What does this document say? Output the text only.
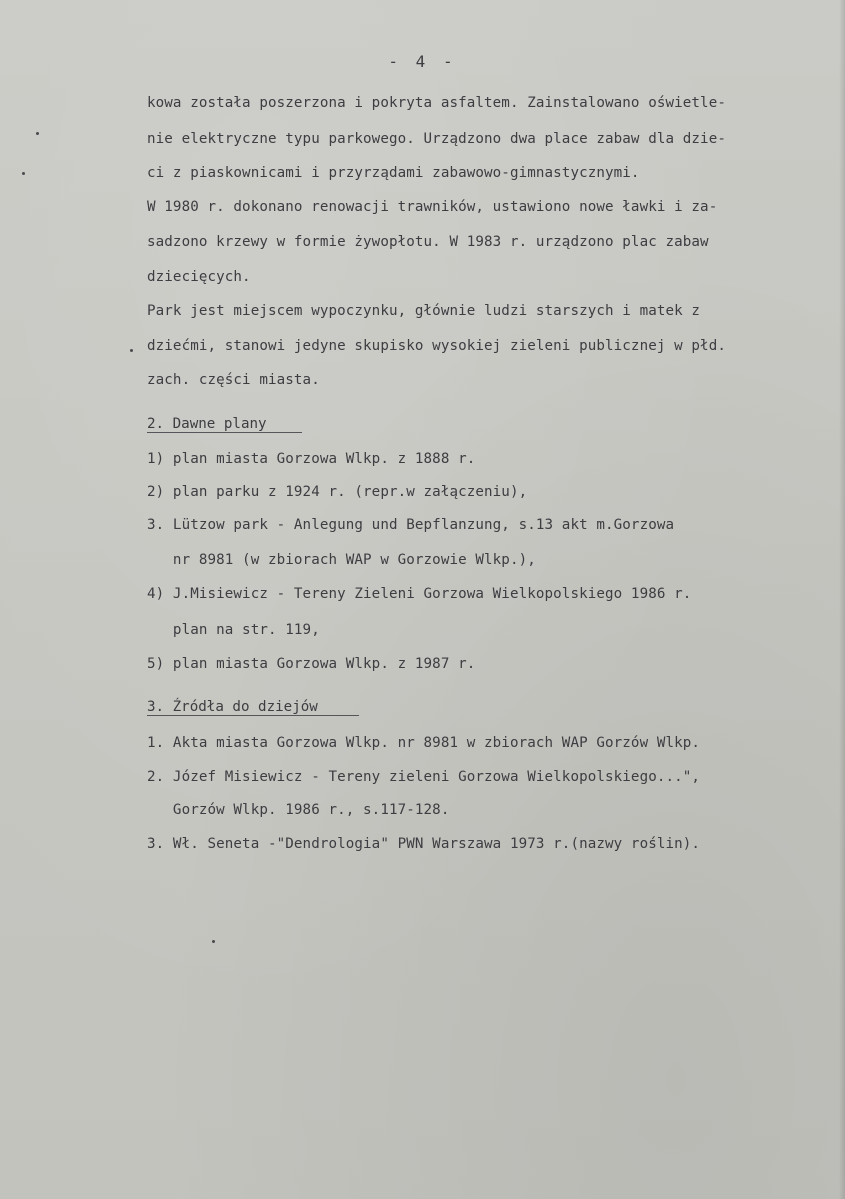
- 4 -
kowa została poszerzona i pokryta asfaltem. Zainstalowano oświetle-
nie elektryczne typu parkowego. Urządzono dwa place zabaw dla dzie-
ci z piaskownicami i przyrządami zabawowo-gimnastycznymi.
W 1980 r. dokonano renowacji trawników, ustawiono nowe ławki i za-
sadzono krzewy w formie żywopłotu. W 1983 r. urządzono plac zabaw
dziecięcych.
Park jest miejscem wypoczynku, głównie ludzi starszych i matek z
dziećmi, stanowi jedyne skupisko wysokiej zieleni publicznej w płd.
zach. części miasta.
2. Dawne plany
1) plan miasta Gorzowa Wlkp. z 1888 r.
2) plan parku z 1924 r. (repr.w załączeniu),
3. Lützow park - Anlegung und Bepflanzung, s.13 akt m.Gorzowa
nr 8981 (w zbiorach WAP w Gorzowie Wlkp.),
4) J.Misiewicz - Tereny Zieleni Gorzowa Wielkopolskiego 1986 r.
plan na str. 119,
5) plan miasta Gorzowa Wlkp. z 1987 r.
3. Źródła do dziejów
1. Akta miasta Gorzowa Wlkp. nr 8981 w zbiorach WAP Gorzów Wlkp.
2. Józef Misiewicz - Tereny zieleni Gorzowa Wielkopolskiego...",
Gorzów Wlkp. 1986 r., s.117-128.
3. Wł. Seneta -"Dendrologia" PWN Warszawa 1973 r.(nazwy roślin).
